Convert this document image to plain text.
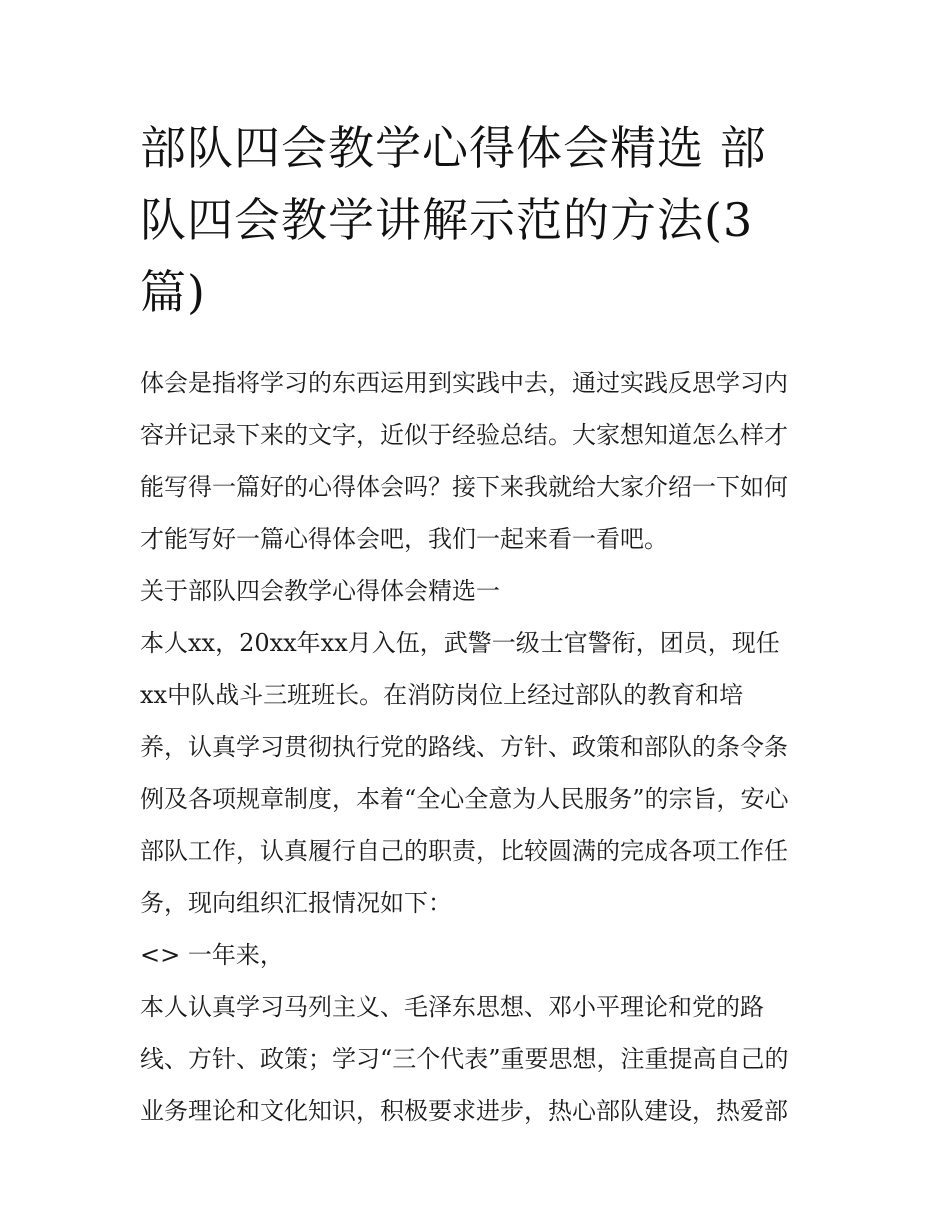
部队四会教学心得体会精选 部
队四会教学讲解示范的方法(3
篇)
体会是指将学习的东西运用到实践中去，通过实践反思学习内
容并记录下来的文字，近似于经验总结。大家想知道怎么样才
能写得一篇好的心得体会吗？接下来我就给大家介绍一下如何
才能写好一篇心得体会吧，我们一起来看一看吧。
关于部队四会教学心得体会精选一
本人xx，20xx年xx月入伍，武警一级士官警衔，团员，现任
xx中队战斗三班班长。在消防岗位上经过部队的教育和培
养，认真学习贯彻执行党的路线、方针、政策和部队的条令条
例及各项规章制度，本着“全心全意为人民服务”的宗旨，安心
部队工作，认真履行自己的职责，比较圆满的完成各项工作任
务，现向组织汇报情况如下：
<> 一年来，
本人认真学习马列主义、毛泽东思想、邓小平理论和党的路
线、方针、政策；学习“三个代表”重要思想，注重提高自己的
业务理论和文化知识，积极要求进步，热心部队建设，热爱部
